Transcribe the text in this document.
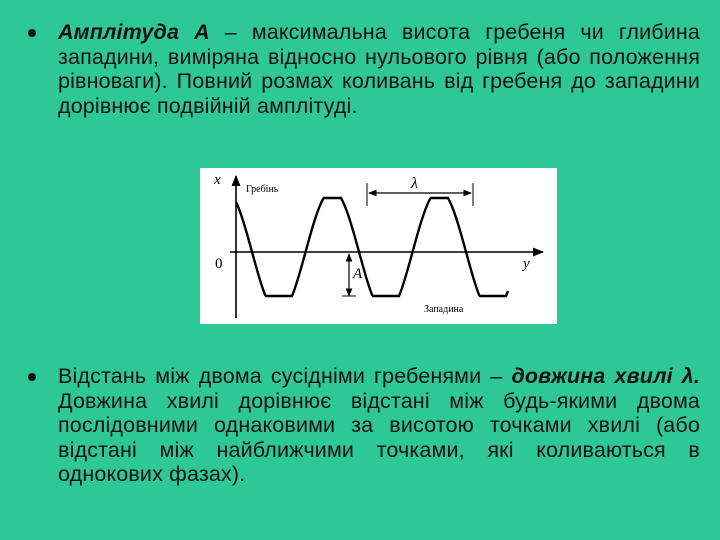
Амплітуда А – максимальна висота гребеня чи глибина западини, виміряна відносно нульового рівня (або положення рівноваги). Повний розмах коливань від гребеня до западини дорівнює подвійній амплітуді.
x
y
0
Гребінь
Западина
λ
A
Відстань між двома сусідніми гребенями – довжина хвилі λ. Довжина хвилі дорівнює відстані між будь-якими двома послідовними однаковими за висотою точками хвилі (або відстані між найближчими точками, які коливаються в однокових фазах).
